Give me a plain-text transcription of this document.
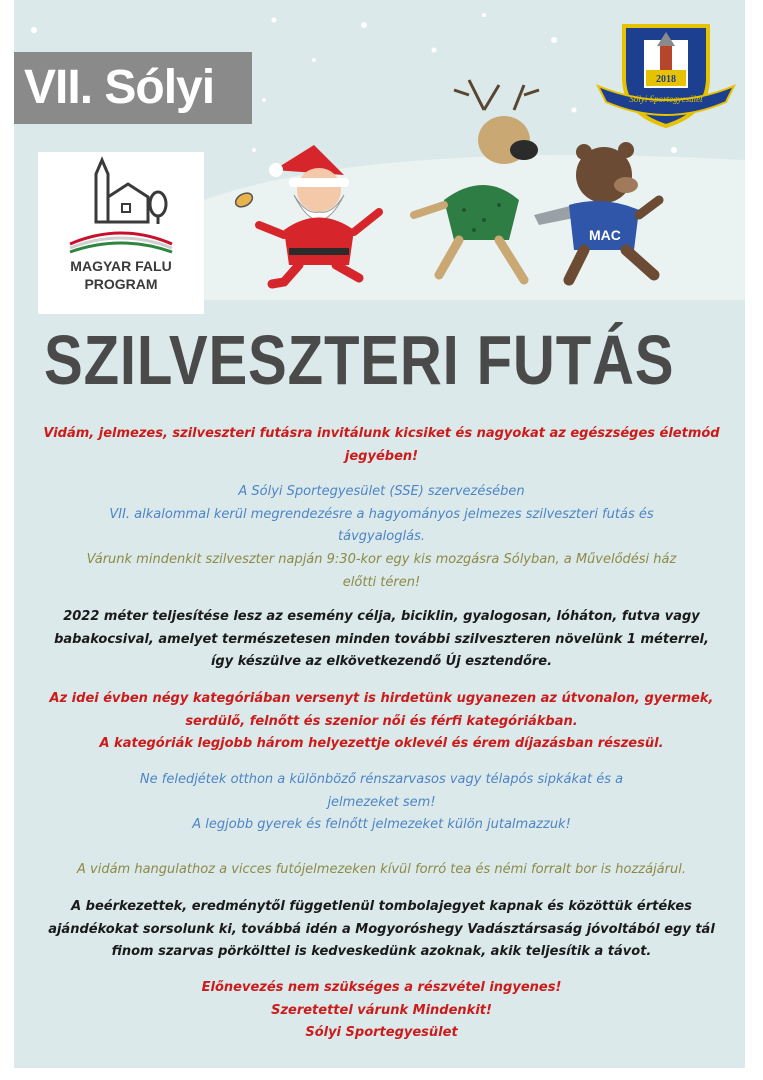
MAC
VII. Sólyi
MAGYAR FALU
PROGRAM
Sólyi Sportegyesület
2018
SZILVESZTERI FUTÁS

Vidám, jelmezes, szilveszteri futásra invitálunk kicsiket és nagyokat az egészséges életmód
jegyében!

A Sólyi Sportegyesület (SSE) szervezésében
VII. alkalommal kerül megrendezésre a hagyományos jelmezes szilveszteri futás és
távgyaloglás.

Várunk mindenkit szilveszter napján 9:30-kor egy kis mozgásra Sólyban, a Művelődési ház
előtti téren!

2022 méter teljesítése lesz az esemény célja, biciklin, gyalogosan, lóháton, futva vagy
babakocsival, amelyet természetesen minden további szilveszteren növelünk 1 méterrel,
így készülve az elkövetkezendő Új esztendőre.

Az idei évben négy kategóriában versenyt is hirdetünk ugyanezen az útvonalon, gyermek,
serdülő, felnőtt és szenior női és férfi kategóriákban.
A kategóriák legjobb három helyezettje oklevél és érem díjazásban részesül.

Ne feledjétek otthon a különböző rénszarvasos vagy télapós sipkákat és a
jelmezeket sem!
A legjobb gyerek és felnőtt jelmezeket külön jutalmazzuk!

A vidám hangulathoz a vicces futójelmezeken kívül forró tea és némi forralt bor is hozzájárul.

A beérkezettek, eredménytől függetlenül tombolajegyet kapnak és közöttük értékes
ajándékokat sorsolunk ki, továbbá idén a Mogyoróshegy Vadásztársaság jóvoltából egy tál
finom szarvas pörkölttel is kedveskedünk azoknak, akik teljesítik a távot.

Előnevezés nem szükséges a részvétel ingyenes!
Szeretettel várunk Mindenkit!
Sólyi Sportegyesület
